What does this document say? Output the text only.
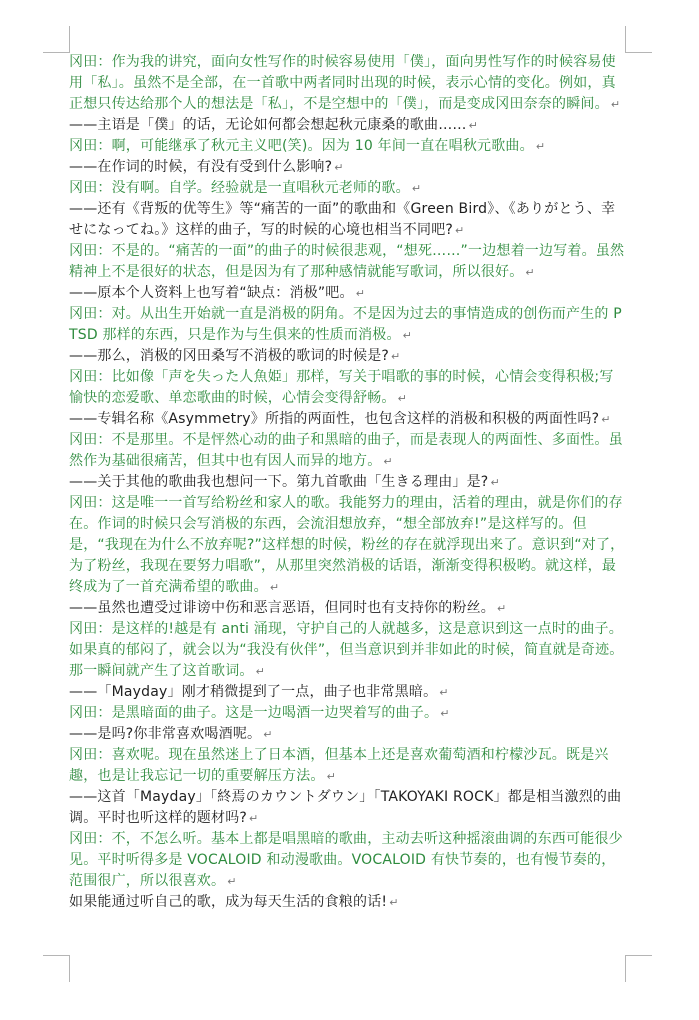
冈田：作为我的讲究，面向女性写作的时候容易使用「僕」，面向男性写作的时候容易使用「私」。虽然不是全部，在一首歌中两者同时出现的时候，表示心情的变化。例如，真正想只传达给那个人的想法是「私」，不是空想中的「僕」，而是变成冈田奈奈的瞬间。 ↵

——主语是「僕」的话，无论如何都会想起秋元康桑的歌曲…… ↵

冈田：啊，可能继承了秋元主义吧(笑)。因为 10 年间一直在唱秋元歌曲。 ↵

——在作词的时候，有没有受到什么影响? ↵

冈田：没有啊。自学。经验就是一直唱秋元老师的歌。 ↵

——还有《背叛的优等生》等“痛苦的一面”的歌曲和《Green Bird》、《ありがとう、幸せになってね。》这样的曲子，写的时候的心境也相当不同吧? ↵

冈田：不是的。“痛苦的一面”的曲子的时候很悲观，“想死……”一边想着一边写着。虽然精神上不是很好的状态，但是因为有了那种感情就能写歌词，所以很好。 ↵

——原本个人资料上也写着“缺点：消极”吧。 ↵

冈田：对。从出生开始就一直是消极的阴角。不是因为过去的事情造成的创伤而产生的 PTSD 那样的东西，只是作为与生俱来的性质而消极。 ↵

——那么，消极的冈田桑写不消极的歌词的时候是? ↵

冈田：比如像「声を失った人魚姫」那样，写关于唱歌的事的时候，心情会变得积极;写愉快的恋爱歌、单恋歌曲的时候，心情会变得舒畅。 ↵

——专辑名称《Asymmetry》所指的两面性，也包含这样的消极和积极的两面性吗? ↵

冈田：不是那里。不是怦然心动的曲子和黑暗的曲子，而是表现人的两面性、多面性。虽然作为基础很痛苦，但其中也有因人而异的地方。 ↵

——关于其他的歌曲我也想问一下。第九首歌曲「生きる理由」是? ↵

冈田：这是唯一一首写给粉丝和家人的歌。我能努力的理由，活着的理由，就是你们的存在。作词的时候只会写消极的东西，会流泪想放弃，“想全部放弃!”是这样写的。但是，“我现在为什么不放弃呢?”这样想的时候，粉丝的存在就浮现出来了。意识到“对了，为了粉丝，我现在要努力唱歌”，从那里突然消极的话语，渐渐变得积极哟。就这样，最终成为了一首充满希望的歌曲。 ↵

——虽然也遭受过诽谤中伤和恶言恶语，但同时也有支持你的粉丝。 ↵

冈田：是这样的!越是有 anti 涌现，守护自己的人就越多，这是意识到这一点时的曲子。如果真的郁闷了，就会以为“我没有伙伴”，但当意识到并非如此的时候，简直就是奇迹。那一瞬间就产生了这首歌词。 ↵

——「Mayday」刚才稍微提到了一点，曲子也非常黑暗。 ↵

冈田：是黑暗面的曲子。这是一边喝酒一边哭着写的曲子。 ↵

——是吗?你非常喜欢喝酒呢。 ↵

冈田：喜欢呢。现在虽然迷上了日本酒，但基本上还是喜欢葡萄酒和柠檬沙瓦。既是兴趣，也是让我忘记一切的重要解压方法。 ↵

——这首「Mayday」「終焉のカウントダウン」「TAKOYAKI ROCK」都是相当激烈的曲调。平时也听这样的题材吗? ↵

冈田：不，不怎么听。基本上都是唱黑暗的歌曲，主动去听这种摇滚曲调的东西可能很少见。平时听得多是 VOCALOID 和动漫歌曲。VOCALOID 有快节奏的，也有慢节奏的，范围很广，所以很喜欢。 ↵

如果能通过听自己的歌，成为每天生活的食粮的话! ↵
